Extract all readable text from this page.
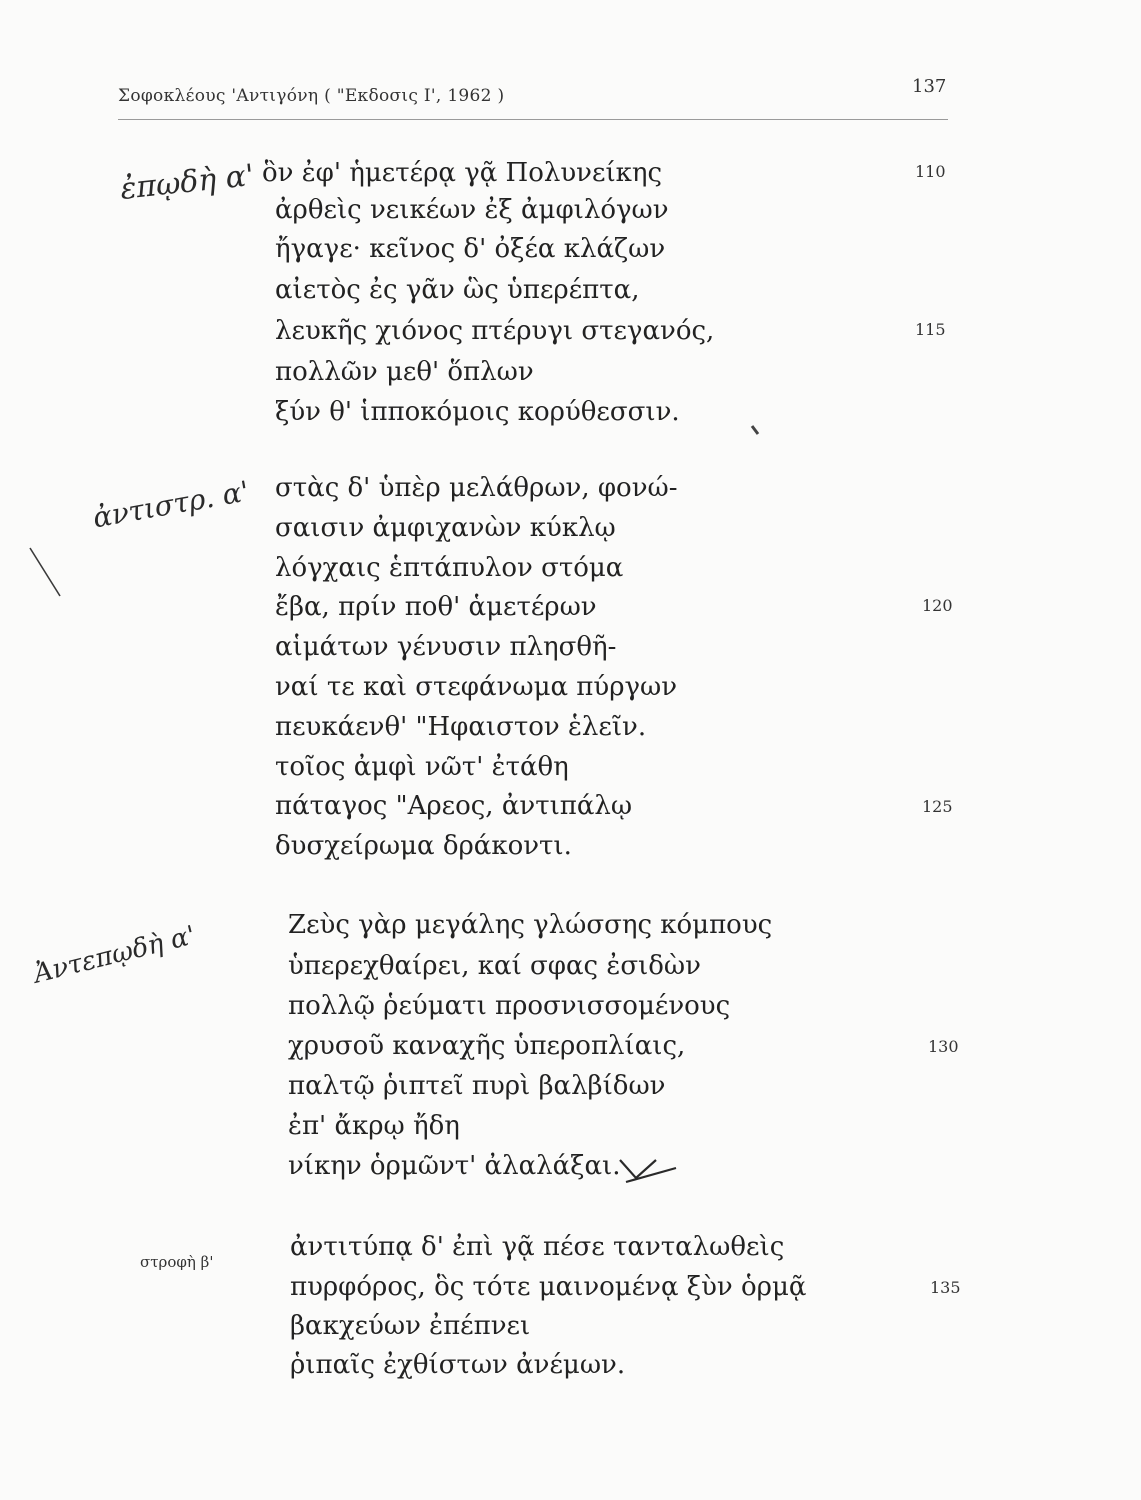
Σοφοκλέους 'Αντιγόνη ( "Εκδοσις Ι', 1962 )	137
ἐπῳδὴ α' ὃν ἐφ' ἡμετέρᾳ γᾷ Πολυνείκης
ἀρθεὶς νεικέων ἐξ ἀμφιλόγων
ἤγαγε· κεῖνος δ' ὀξέα κλάζων
αἰετὸς ἐς γᾶν ὣς ὑπερέπτα,
λευκῆς χιόνος πτέρυγι στεγανός,
πολλῶν μεθ' ὅπλων
ξύν θ' ἱπποκόμοις κορύθεσσιν.
110
115
ἀντιστρ. α' στὰς δ' ὑπὲρ μελάθρων, φονώ-
σαισιν ἀμφιχανὼν κύκλῳ
λόγχαις ἑπτάπυλον στόμα
ἔβα, πρίν ποθ' ἁμετέρων
αἱμάτων γένυσιν πλησθῆ-
ναί τε καὶ στεφάνωμα πύργων
πευκάενθ' "Ηφαιστον ἑλεῖν.
τοῖος ἀμφὶ νῶτ' ἐτάθη
πάταγος "Αρεος, ἀντιπάλῳ
δυσχείρωμα δράκοντι.
120
125
Ἀντεπῳδὴ α'	Ζεὺς γὰρ μεγάλης γλώσσης κόμπους
ὑπερεχθαίρει, καί σφας ἐσιδὼν
πολλῷ ῥεύματι προσνισσομένους
χρυσοῦ καναχῆς ὑπεροπλίαις,
παλτῷ ῥιπτεῖ πυρὶ βαλβίδων
ἐπ' ἄκρῳ ἤδη
νίκην ὁρμῶντ' ἀλαλάξαι.
130
στροφὴ β'	ἀντιτύπᾳ δ' ἐπὶ γᾷ πέσε τανταλωθεὶς
πυρφόρος, ὃς τότε μαινομένᾳ ξὺν ὁρμᾷ
βακχεύων ἐπέπνει
ῥιπαῖς ἐχθίστων ἀνέμων.
135
